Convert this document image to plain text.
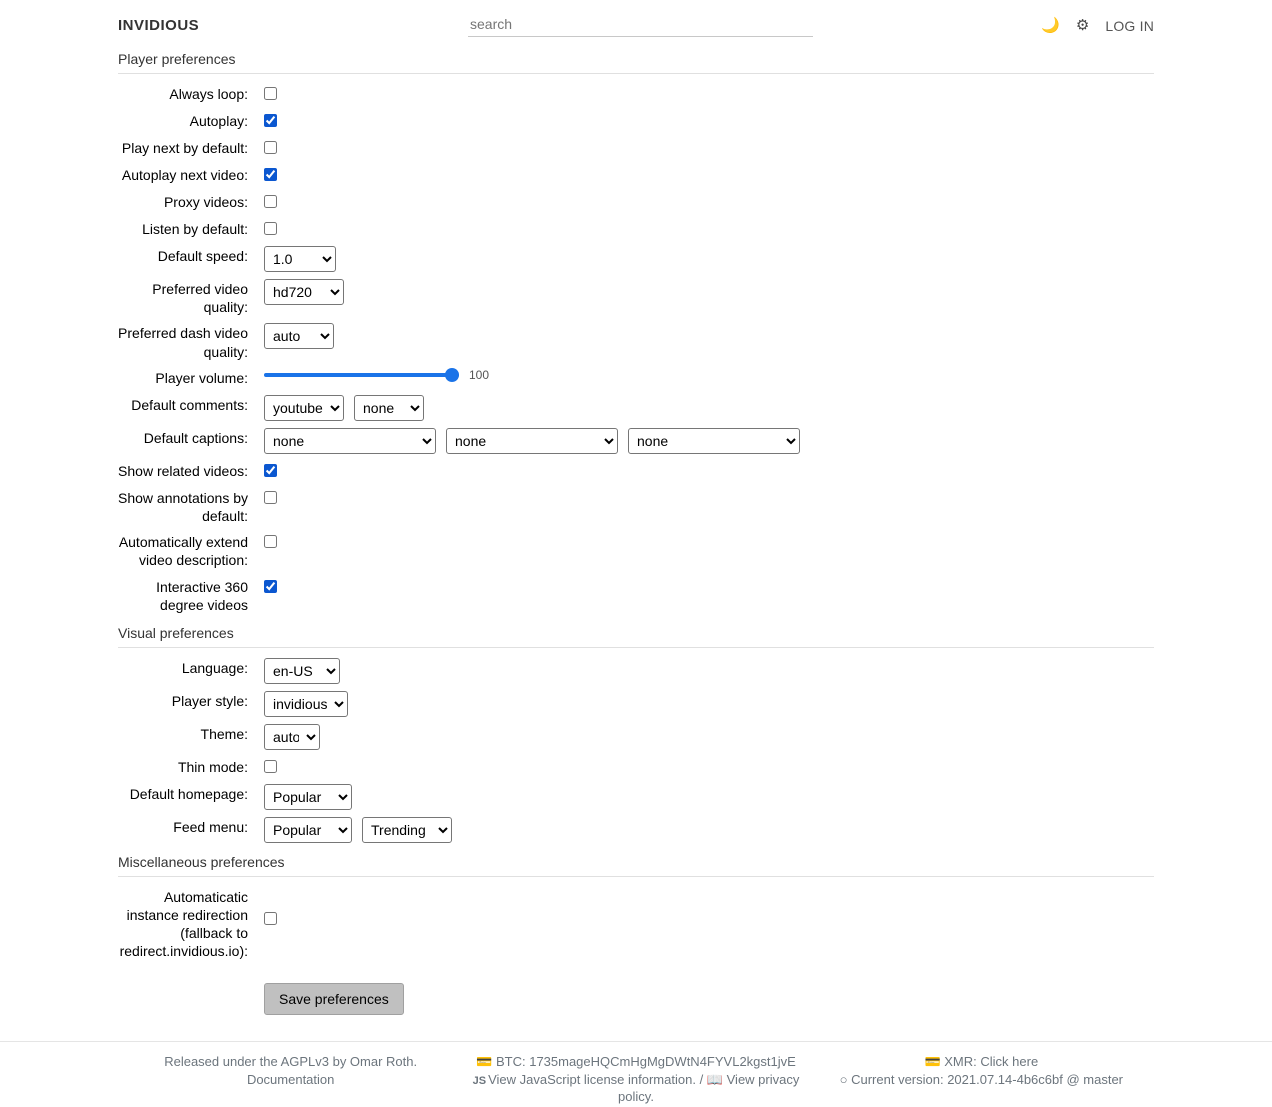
INVIDIOUS
search	🌙 ⚙ LOG IN
Player preferences
Always loop:
Autoplay:
Play next by default:
Autoplay next video:
Proxy videos:
Listen by default:
Default speed:
1.0
Preferred video quality:
hd720
Preferred dash video quality:
auto
Player volume:	100
Default comments:
youtube
none
Default captions:
none
none
none
Show related videos:
Show annotations by default:
Automatically extend video description:
Interactive 360 degree videos
Visual preferences
Language:
en-US
Player style:
invidious
Theme:
auto
Thin mode:
Default homepage:
Popular
Feed menu:
Popular
Trending
Miscellaneous preferences
Automaticatic instance redirection (fallback to redirect.invidious.io):
Save preferences
Released under the AGPLv3 by Omar Roth.
Documentation
💳 BTC: 1735mageHQCmHgMgDWtN4FYVL2kgst1jvE
JS View JavaScript license information. / 📖 View privacy policy.
💳 XMR: Click here
○ Current version: 2021.07.14-4b6c6bf @ master
